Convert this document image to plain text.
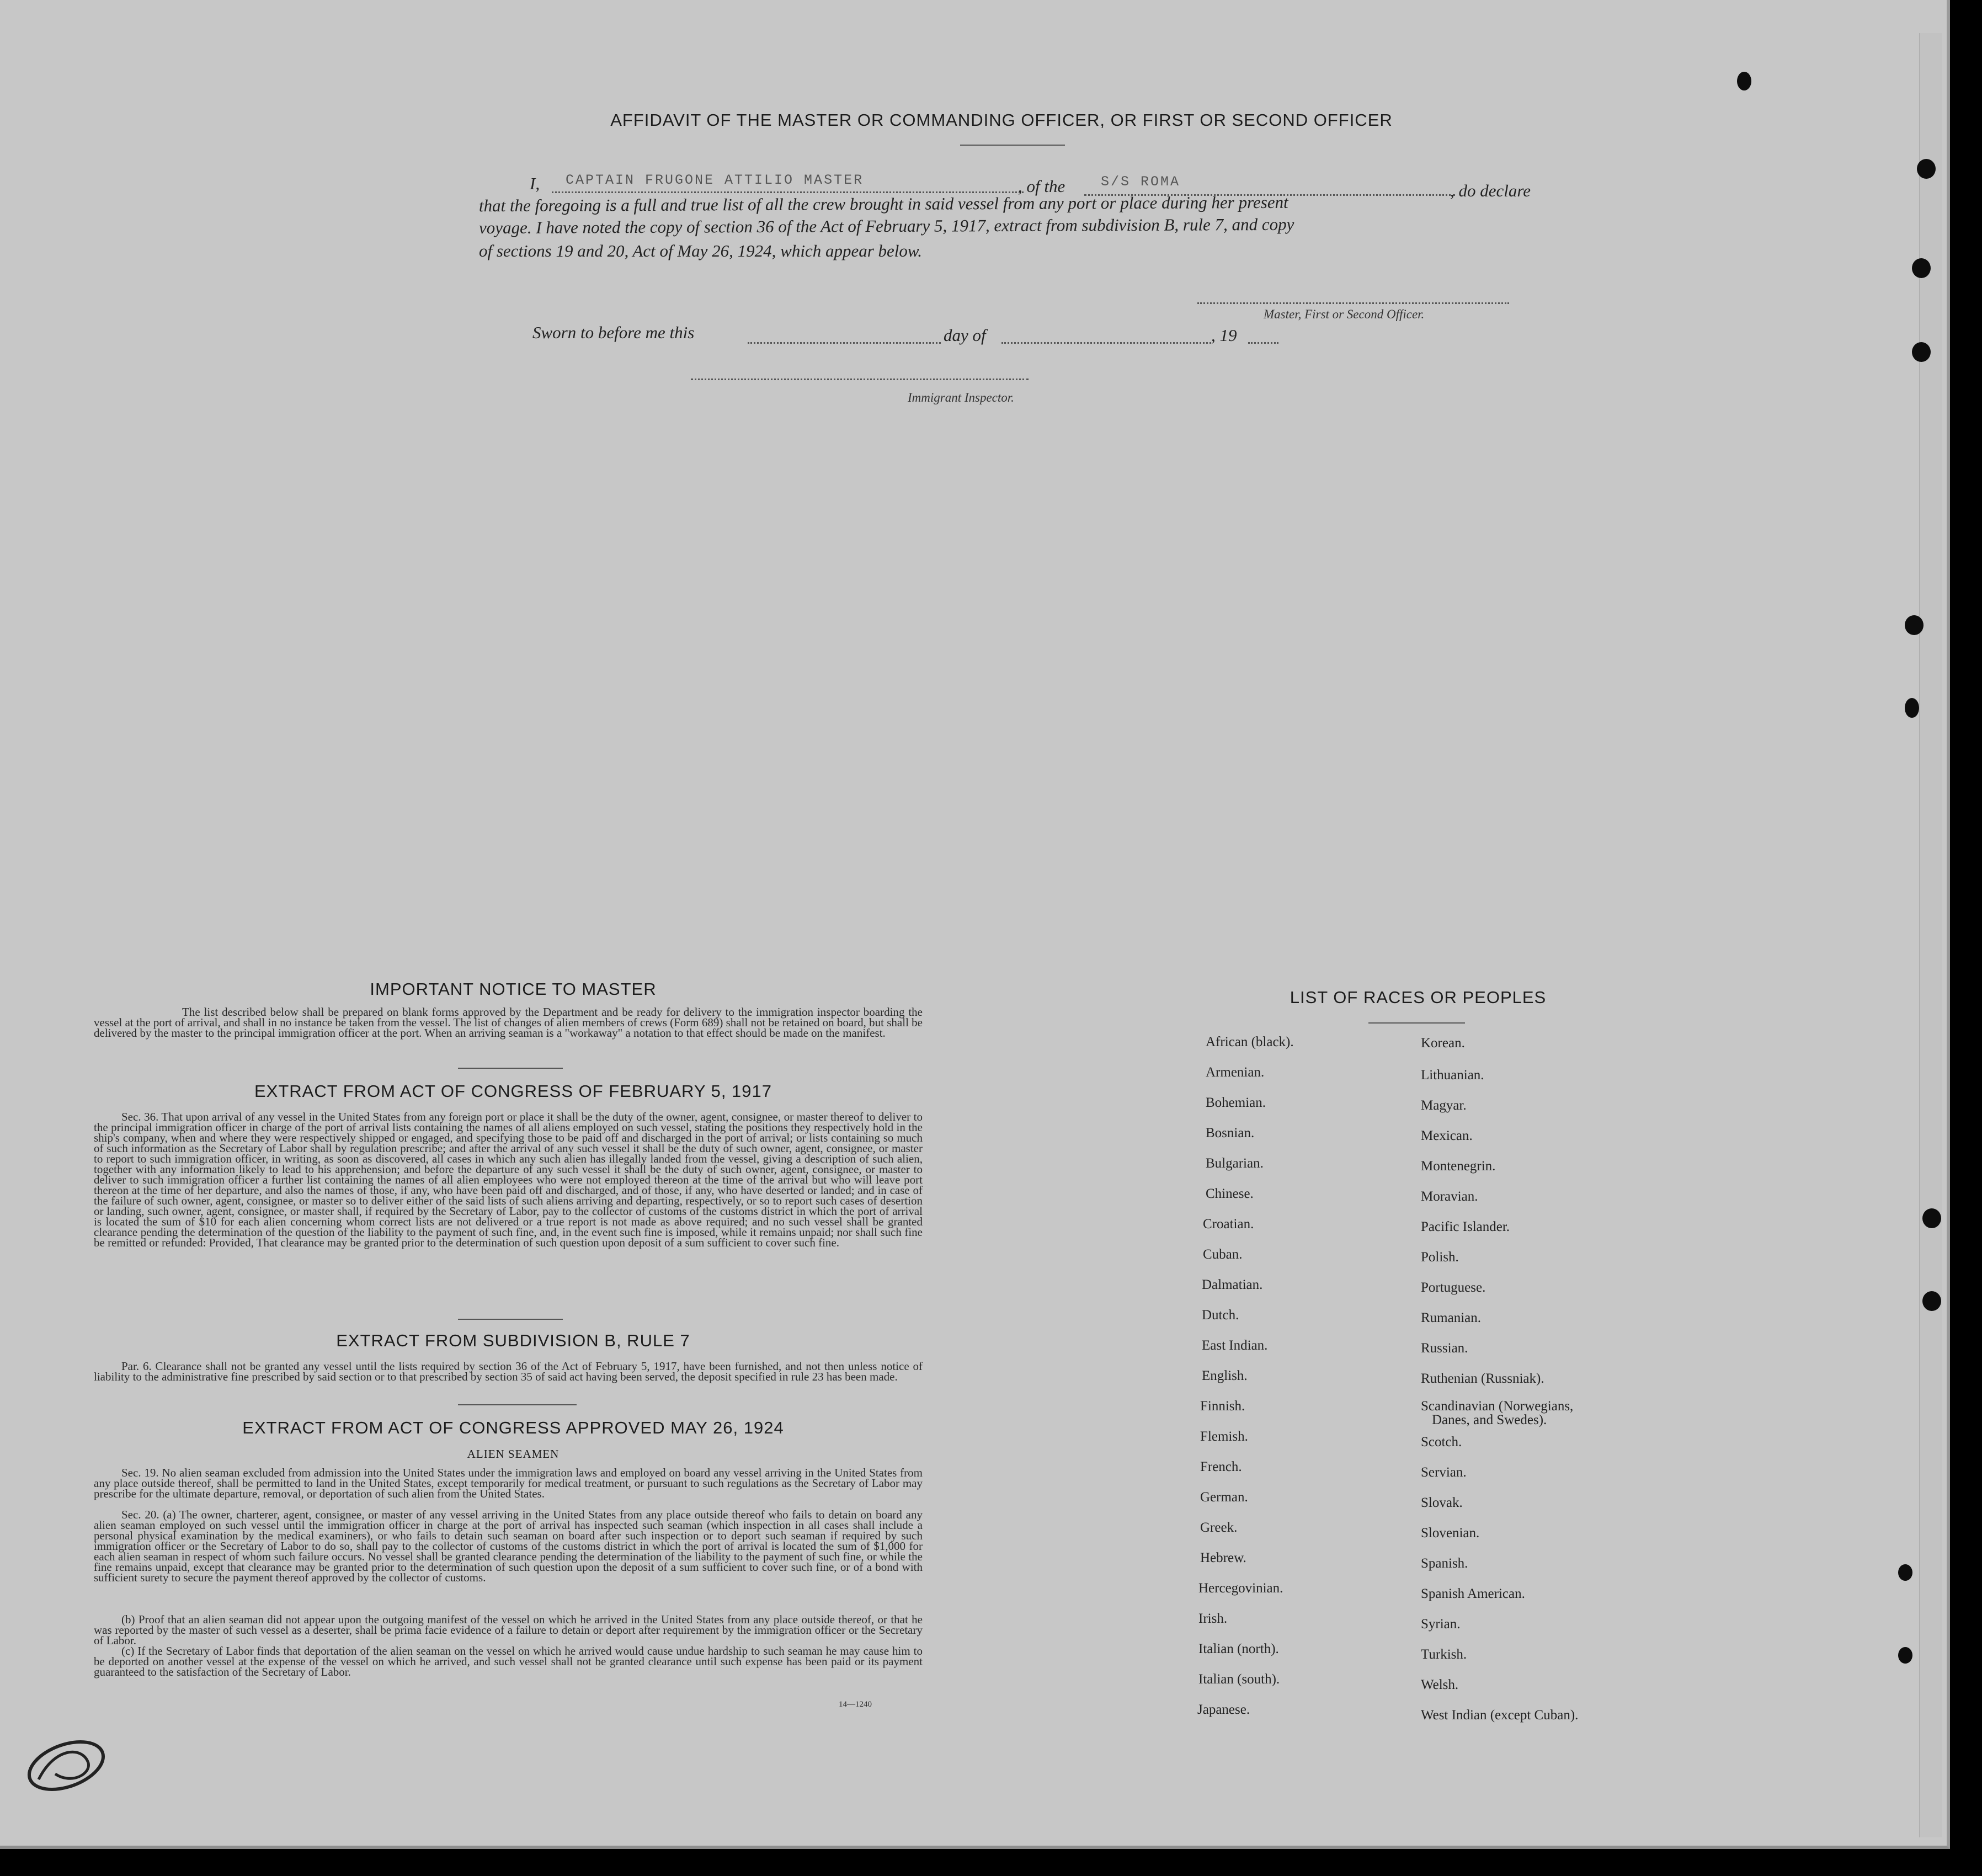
AFFIDAVIT OF THE MASTER OR COMMANDING OFFICER, OR FIRST OR SECOND OFFICER
I, CAPTAIN FRUGONE ATTILIO MASTER	, of the	S/S ROMA	, do declare
that the foregoing is a full and true list of all the crew brought in said vessel from any port or place during her present
voyage. I have noted the copy of section 36 of the Act of February 5, 1917, extract from subdivision B, rule 7, and copy
of sections 19 and 20, Act of May 26, 1924, which appear below.
Master, First or Second Officer.
Sworn to before me this	day of	, 19
Immigrant Inspector.
IMPORTANT NOTICE TO MASTER
The list described below shall be prepared on blank forms approved by the Department and be ready for delivery to the immigration inspector boarding the vessel at the port of arrival, and shall in no instance be taken from the vessel. The list of changes of alien members of crews (Form 689) shall not be retained on board, but shall be delivered by the master to the principal immigration officer at the port. When an arriving seaman is a "workaway" a notation to that effect should be made on the manifest.
EXTRACT FROM ACT OF CONGRESS OF FEBRUARY 5, 1917
Sec. 36. That upon arrival of any vessel in the United States from any foreign port or place it shall be the duty of the owner, agent, consignee, or master thereof to deliver to the principal immigration officer in charge of the port of arrival lists containing the names of all aliens employed on such vessel, stating the positions they respectively hold in the ship's company, when and where they were respectively shipped or engaged, and specifying those to be paid off and discharged in the port of arrival; or lists containing so much of such information as the Secretary of Labor shall by regulation prescribe; and after the arrival of any such vessel it shall be the duty of such owner, agent, consignee, or master to report to such immigration officer, in writing, as soon as discovered, all cases in which any such alien has illegally landed from the vessel, giving a description of such alien, together with any information likely to lead to his apprehension; and before the departure of any such vessel it shall be the duty of such owner, agent, consignee, or master to deliver to such immigration officer a further list containing the names of all alien employees who were not employed thereon at the time of the arrival but who will leave port thereon at the time of her departure, and also the names of those, if any, who have been paid off and discharged, and of those, if any, who have deserted or landed; and in case of the failure of such owner, agent, consignee, or master so to deliver either of the said lists of such aliens arriving and departing, respectively, or so to report such cases of desertion or landing, such owner, agent, consignee, or master shall, if required by the Secretary of Labor, pay to the collector of customs of the customs district in which the port of arrival is located the sum of $10 for each alien concerning whom correct lists are not delivered or a true report is not made as above required; and no such vessel shall be granted clearance pending the determination of the question of the liability to the payment of such fine, and, in the event such fine is imposed, while it remains unpaid; nor shall such fine be remitted or refunded: Provided, That clearance may be granted prior to the determination of such question upon deposit of a sum sufficient to cover such fine.
EXTRACT FROM SUBDIVISION B, RULE 7
Par. 6. Clearance shall not be granted any vessel until the lists required by section 36 of the Act of February 5, 1917, have been furnished, and not then unless notice of liability to the administrative fine prescribed by said section or to that prescribed by section 35 of said act having been served, the deposit specified in rule 23 has been made.
EXTRACT FROM ACT OF CONGRESS APPROVED MAY 26, 1924
ALIEN SEAMEN
Sec. 19. No alien seaman excluded from admission into the United States under the immigration laws and employed on board any vessel arriving in the United States from any place outside thereof, shall be permitted to land in the United States, except temporarily for medical treatment, or pursuant to such regulations as the Secretary of Labor may prescribe for the ultimate departure, removal, or deportation of such alien from the United States.
Sec. 20. (a) The owner, charterer, agent, consignee, or master of any vessel arriving in the United States from any place outside thereof who fails to detain on board any alien seaman employed on such vessel until the immigration officer in charge at the port of arrival has inspected such seaman (which inspection in all cases shall include a personal physical examination by the medical examiners), or who fails to detain such seaman on board after such inspection or to deport such seaman if required by such immigration officer or the Secretary of Labor to do so, shall pay to the collector of customs of the customs district in which the port of arrival is located the sum of $1,000 for each alien seaman in respect of whom such failure occurs. No vessel shall be granted clearance pending the determination of the liability to the payment of such fine, or while the fine remains unpaid, except that clearance may be granted prior to the determination of such question upon the deposit of a sum sufficient to cover such fine, or of a bond with sufficient surety to secure the payment thereof approved by the collector of customs.
(b) Proof that an alien seaman did not appear upon the outgoing manifest of the vessel on which he arrived in the United States from any place outside thereof, or that he was reported by the master of such vessel as a deserter, shall be prima facie evidence of a failure to detain or deport after requirement by the immigration officer or the Secretary of Labor.
(c) If the Secretary of Labor finds that deportation of the alien seaman on the vessel on which he arrived would cause undue hardship to such seaman he may cause him to be deported on another vessel at the expense of the vessel on which he arrived, and such vessel shall not be granted clearance until such expense has been paid or its payment guaranteed to the satisfaction of the Secretary of Labor.
14—1240
LIST OF RACES OR PEOPLES
African (black).
Armenian.
Bohemian.
Bosnian.
Bulgarian.
Chinese.
Croatian.
Cuban.
Dalmatian.
Dutch.
East Indian.
English.
Finnish.
Flemish.
French.
German.
Greek.
Hebrew.
Hercegovinian.
Irish.
Italian (north).
Italian (south).
Japanese.
Korean.
Lithuanian.
Magyar.
Mexican.
Montenegrin.
Moravian.
Pacific Islander.
Polish.
Portuguese.
Rumanian.
Russian.
Ruthenian (Russniak).
Scandinavian (Norwegians,
Danes, and Swedes).
Scotch.
Servian.
Slovak.
Slovenian.
Spanish.
Spanish American.
Syrian.
Turkish.
Welsh.
West Indian (except Cuban).
